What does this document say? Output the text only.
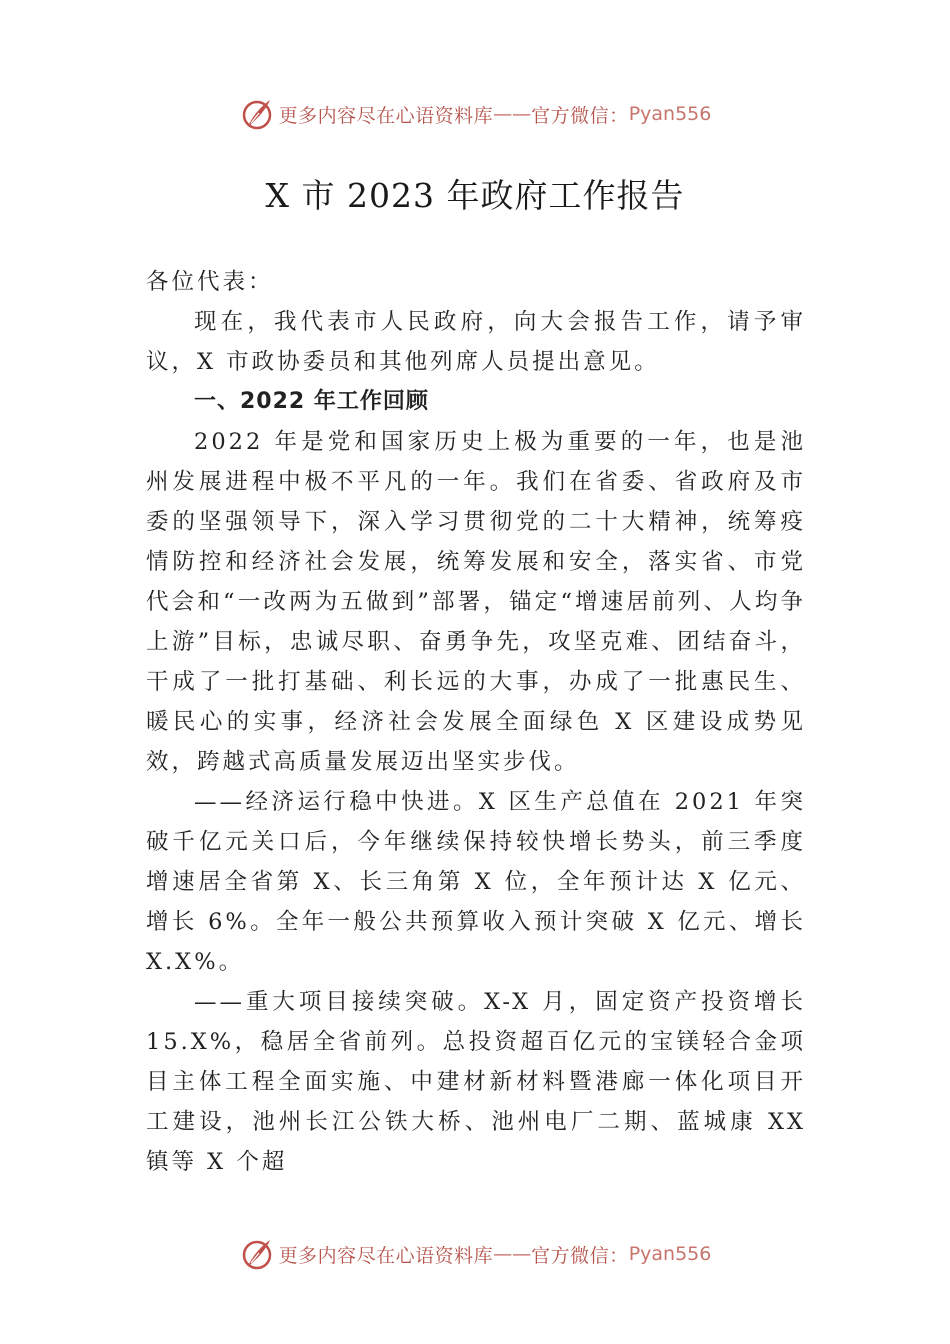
更多内容尽在心语资料库 —— 官方微信： Pyan556
X 市 2023 年政府工作报告

各位代表：

现在，我代表市人民政府，向大会报告工作，请予审议，X 市政协委员和其他列席人员提出意见。

一、2022 年工作回顾

2022 年是党和国家历史上极为重要的一年，也是池州发展进程中极不平凡的一年。我们在省委、省政府及市委的坚强领导下，深入学习贯彻党的二十大精神，统筹疫情防控和经济社会发展，统筹发展和安全，落实省、市党代会和“一改两为五做到”部署，锚定“增速居前列、人均争上游”目标，忠诚尽职、奋勇争先，攻坚克难、团结奋斗，干成了一批打基础、利长远的大事，办成了一批惠民生、暖民心的实事，经济社会发展全面绿色 X 区建设成势见效，跨越式高质量发展迈出坚实步伐。

——经济运行稳中快进。X 区生产总值在 2021 年突破千亿元关口后，今年继续保持较快增长势头，前三季度增速居全省第 X、长三角第 X 位，全年预计达 X 亿元、增长 6%。全年一般公共预算收入预计突破 X 亿元、增长 X.X%。

——重大项目接续突破。X-X 月，固定资产投资增长 15.X%，稳居全省前列。总投资超百亿元的宝镁轻合金项目主体工程全面实施、中建材新材料暨港廊一体化项目开工建设，池州长江公铁大桥、池州电厂二期、蓝城康 XX 镇等 X 个超

更多内容尽在心语资料库 —— 官方微信： Pyan556
